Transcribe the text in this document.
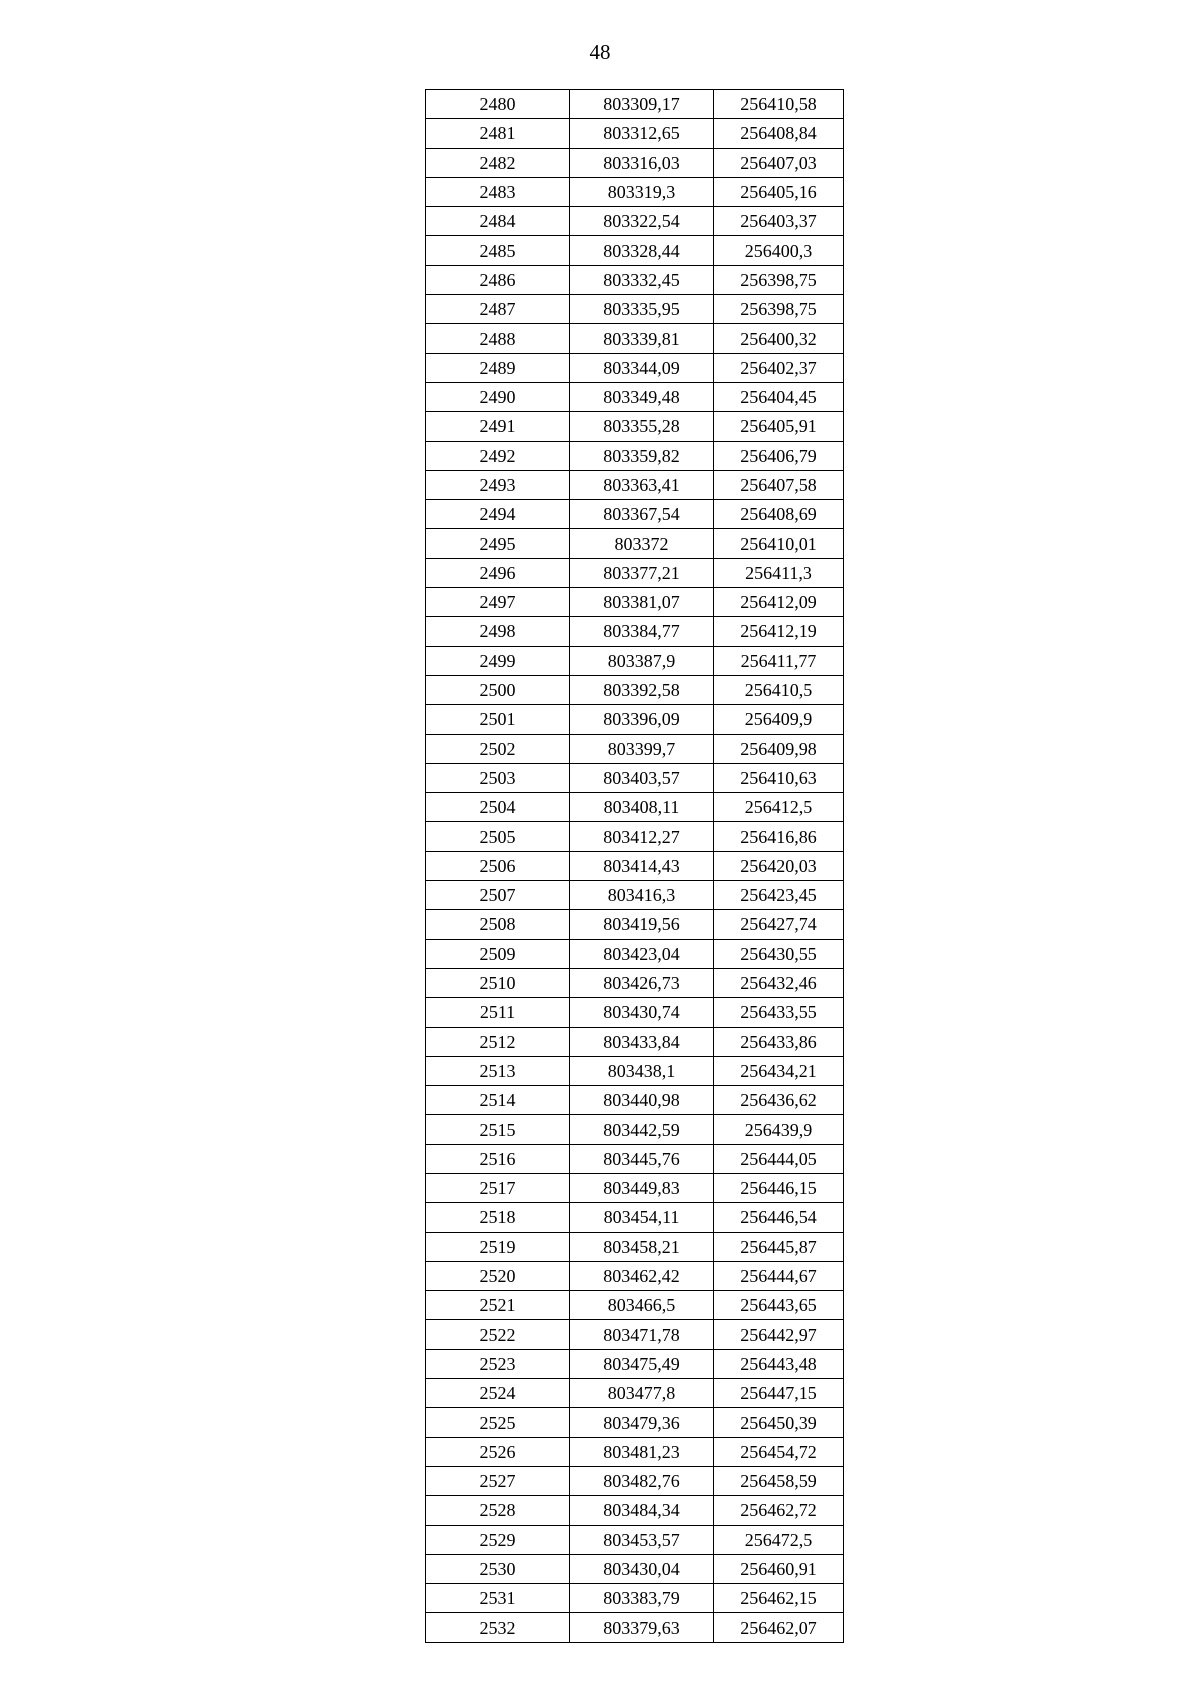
48
2480	803309,17	256410,58
2481	803312,65	256408,84
2482	803316,03	256407,03
2483	803319,3	256405,16
2484	803322,54	256403,37
2485	803328,44	256400,3
2486	803332,45	256398,75
2487	803335,95	256398,75
2488	803339,81	256400,32
2489	803344,09	256402,37
2490	803349,48	256404,45
2491	803355,28	256405,91
2492	803359,82	256406,79
2493	803363,41	256407,58
2494	803367,54	256408,69
2495	803372	256410,01
2496	803377,21	256411,3
2497	803381,07	256412,09
2498	803384,77	256412,19
2499	803387,9	256411,77
2500	803392,58	256410,5
2501	803396,09	256409,9
2502	803399,7	256409,98
2503	803403,57	256410,63
2504	803408,11	256412,5
2505	803412,27	256416,86
2506	803414,43	256420,03
2507	803416,3	256423,45
2508	803419,56	256427,74
2509	803423,04	256430,55
2510	803426,73	256432,46
2511	803430,74	256433,55
2512	803433,84	256433,86
2513	803438,1	256434,21
2514	803440,98	256436,62
2515	803442,59	256439,9
2516	803445,76	256444,05
2517	803449,83	256446,15
2518	803454,11	256446,54
2519	803458,21	256445,87
2520	803462,42	256444,67
2521	803466,5	256443,65
2522	803471,78	256442,97
2523	803475,49	256443,48
2524	803477,8	256447,15
2525	803479,36	256450,39
2526	803481,23	256454,72
2527	803482,76	256458,59
2528	803484,34	256462,72
2529	803453,57	256472,5
2530	803430,04	256460,91
2531	803383,79	256462,15
2532	803379,63	256462,07
